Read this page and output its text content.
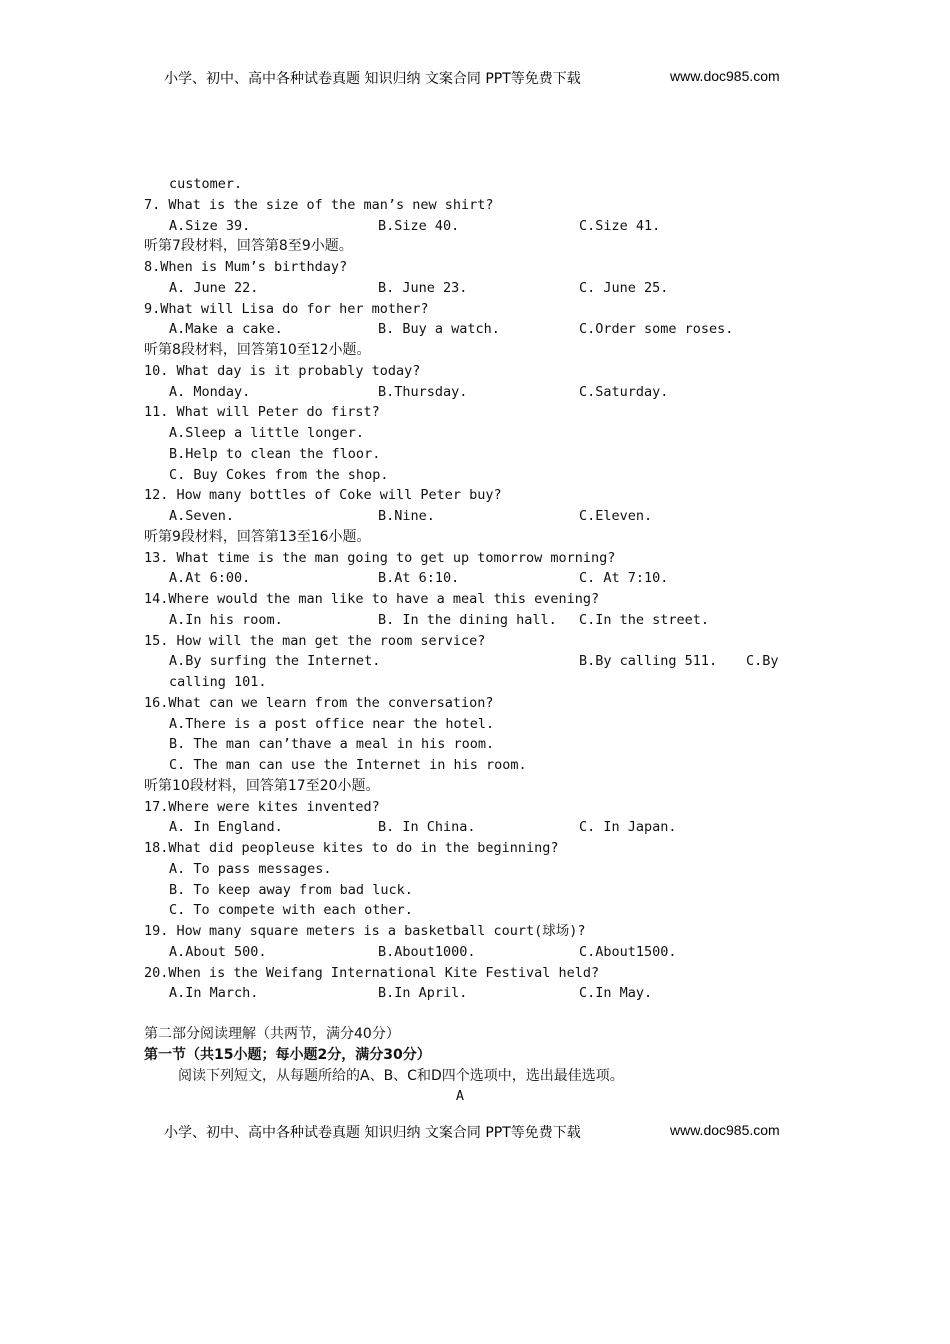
小学、初中、高中各种试卷真题 知识归纳 文案合同 PPT等免费下载	www.doc985.com
customer.
7. What is the size of the man’s new shirt?

A.Size 39.

	B.Size 40.

	C.Size 41.

听第7段材料，回答第8至9小题。
8.When is Mum’s birthday?

A. June 22.

	B. June 23.

	C. June 25.

9.What will Lisa do for her mother?

A.Make a cake.

	B. Buy a watch.

	C.Order some roses.

听第8段材料，回答第10至12小题。
10. What day is it probably today?

A. Monday.

	B.Thursday.

	C.Saturday.

11. What will Peter do first?
A.Sleep a little longer.
B.Help to clean the floor.
C. Buy Cokes from the shop.
12. How many bottles of Coke will Peter buy?

A.Seven.

	B.Nine.

	C.Eleven.

听第9段材料，回答第13至16小题。
13. What time is the man going to get up tomorrow morning?

A.At 6:00.

	B.At 6:10.

	C. At 7:10.

14.Where would the man like to have a meal this evening?

A.In his room.

	B. In the dining hall.

C.In the street.

15. How will the man get the room service?

A.By surfing the Internet.

	B.By calling 511.

C.By

calling 101.
16.What can we learn from the conversation?
A.There is a post office near the hotel.
B. The man can’thave a meal in his room.
C. The man can use the Internet in his room.
听第10段材料，回答第17至20小题。
17.Where were kites invented?

A. In England.

	B. In China.

	C. In Japan.

18.What did peopleuse kites to do in the beginning?
A. To pass messages.
B. To keep away from bad luck.
C. To compete with each other.
19. How many square meters is a basketball court(球场)?

A.About 500.

	B.About1000.

	C.About1500.

20.When is the Weifang International Kite Festival held?

A.In March.

	B.In April.

	C.In May.

第二部分阅读理解（共两节，满分40分）
第一节（共15小题；每小题2分，满分30分）
阅读下列短文，从每题所给的A、B、C和D四个选项中，选出最佳选项。
A
小学、初中、高中各种试卷真题 知识归纳 文案合同 PPT等免费下载	www.doc985.com
